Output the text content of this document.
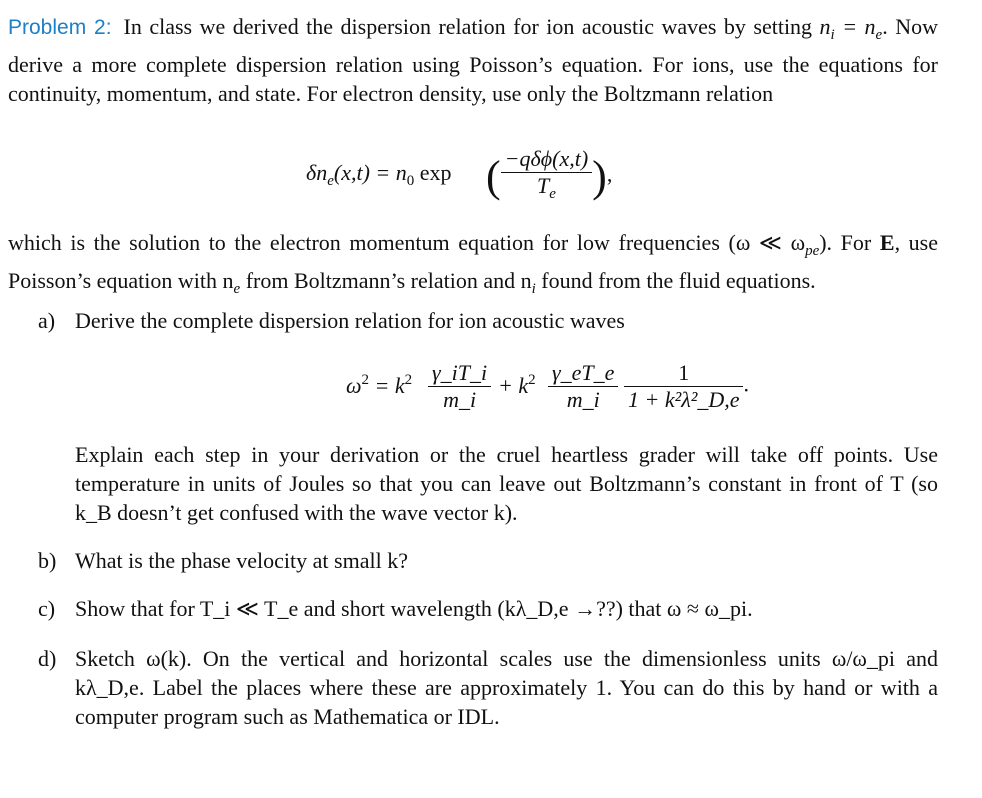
Problem 2: In class we derived the dispersion relation for ion acoustic waves by setting $n_i = n_e$. Now derive a more complete dispersion relation using Poisson’s equation. For ions, use the equations for continuity, momentum, and state. For electron density, use only the Boltzmann relation

$\delta n_e(x,t) = n_0$ exp ( $\frac{\text{−qδϕ(x,t)}}{T_e}$ ),

which is the solution to the electron momentum equation for low frequencies (ω ≪ $\omega_{pe}$). For E, use Poisson’s equation with $n_e$ from Boltzmann’s relation and $n_i$ found from the fluid equations.

a) Derive the complete dispersion relation for ion acoustic waves
$\omega^2 = k^2 \frac{\gamma\_iT\_i}{m\_i} + k^2 \frac{\gamma\_eT\_e}{m\_i} \frac{1}{\text{1 + k²λ²\_D,e}}$ .
Explain each step in your derivation or the cruel heartless grader will take off points. Use temperature in units of Joules so that you can leave out Boltzmann’s constant in front of T (so k_B doesn’t get confused with the wave vector k).
b) What is the phase velocity at small k?
c) Show that for T_i ≪ T_e and short wavelength (kλ_D,e →??) that ω ≈ ω_pi.
d) Sketch ω(k). On the vertical and horizontal scales use the dimensionless units ω/ω_pi and kλ_D,e. Label the places where these are approximately 1. You can do this by hand or with a computer program such as Mathematica or IDL.
